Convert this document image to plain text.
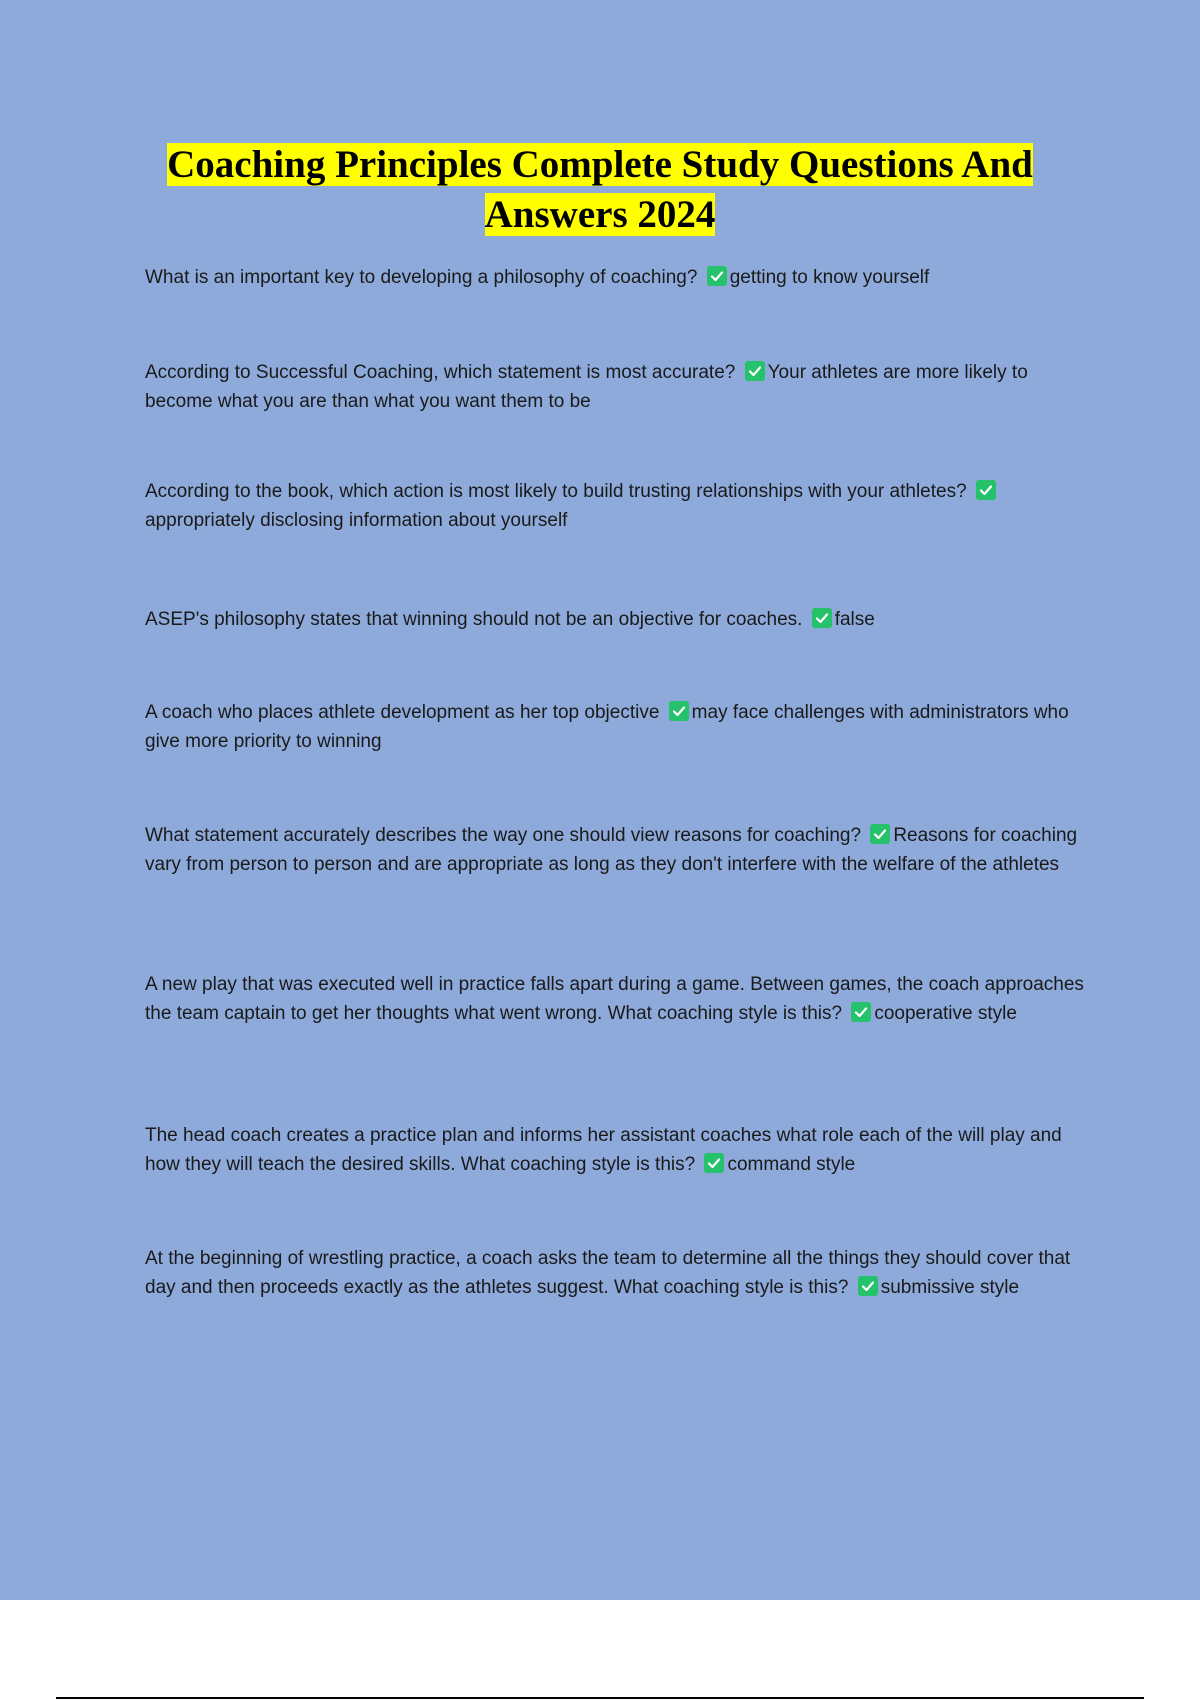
Coaching Principles Complete Study Questions And
Answers 2024

What is an important key to developing a philosophy of coaching? getting to know yourself

According to Successful Coaching, which statement is most accurate? Your athletes are more likely to become what you are than what you want them to be

According to the book, which action is most likely to build trusting relationships with your athletes?
appropriately disclosing information about yourself

ASEP's philosophy states that winning should not be an objective for coaches. false

A coach who places athlete development as her top objective may face challenges with administrators who give more priority to winning

What statement accurately describes the way one should view reasons for coaching? Reasons for coaching vary from person to person and are appropriate as long as they don't interfere with the welfare of the athletes

A new play that was executed well in practice falls apart during a game. Between games, the coach approaches the team captain to get her thoughts what went wrong. What coaching style is this? cooperative style

The head coach creates a practice plan and informs her assistant coaches what role each of the will play and how they will teach the desired skills. What coaching style is this? command style

At the beginning of wrestling practice, a coach asks the team to determine all the things they should cover that day and then proceeds exactly as the athletes suggest. What coaching style is this? submissive style
